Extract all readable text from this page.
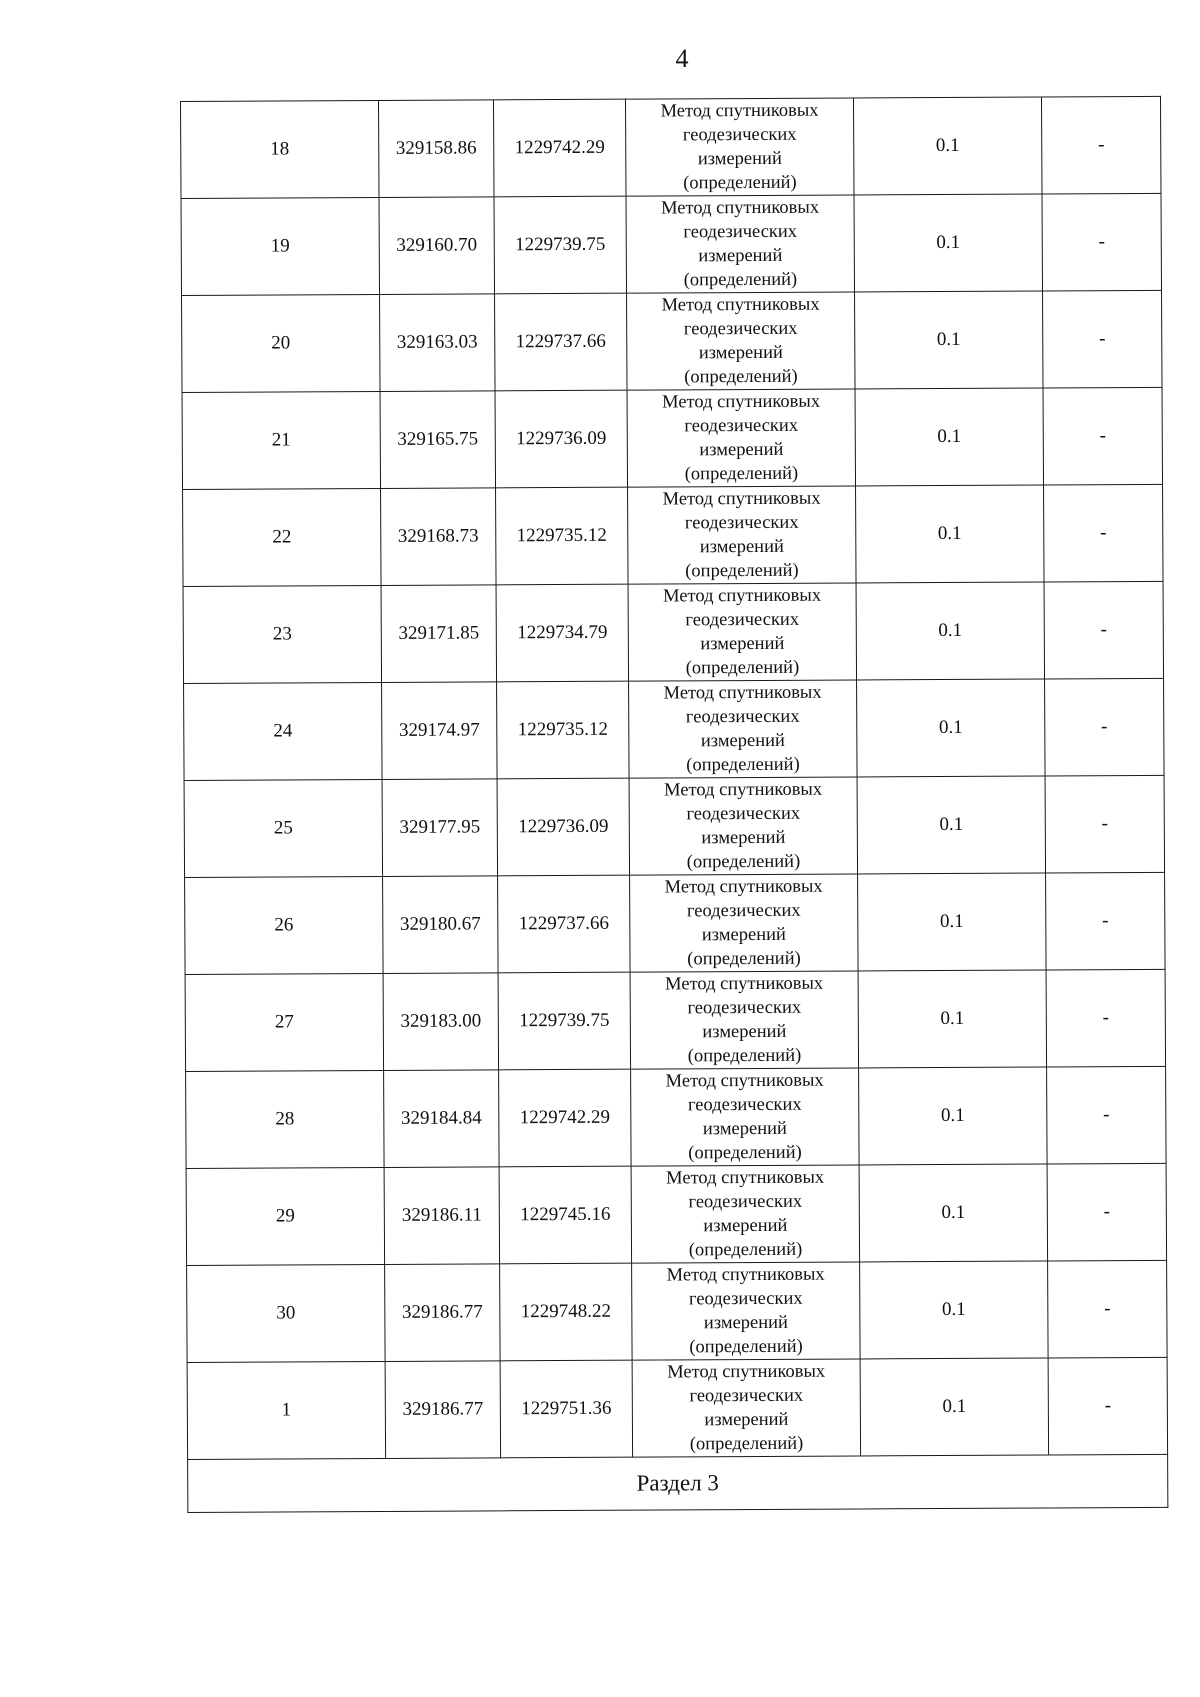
4
18	329158.86	1229742.29	Метод спутниковых
геодезических
измерений
(определений)	0.1	-
19	329160.70	1229739.75	Метод спутниковых
геодезических
измерений
(определений)	0.1	-
20	329163.03	1229737.66	Метод спутниковых
геодезических
измерений
(определений)	0.1	-
21	329165.75	1229736.09	Метод спутниковых
геодезических
измерений
(определений)	0.1	-
22	329168.73	1229735.12	Метод спутниковых
геодезических
измерений
(определений)	0.1	-
23	329171.85	1229734.79	Метод спутниковых
геодезических
измерений
(определений)	0.1	-
24	329174.97	1229735.12	Метод спутниковых
геодезических
измерений
(определений)	0.1	-
25	329177.95	1229736.09	Метод спутниковых
геодезических
измерений
(определений)	0.1	-
26	329180.67	1229737.66	Метод спутниковых
геодезических
измерений
(определений)	0.1	-
27	329183.00	1229739.75	Метод спутниковых
геодезических
измерений
(определений)	0.1	-
28	329184.84	1229742.29	Метод спутниковых
геодезических
измерений
(определений)	0.1	-
29	329186.11	1229745.16	Метод спутниковых
геодезических
измерений
(определений)	0.1	-
30	329186.77	1229748.22	Метод спутниковых
геодезических
измерений
(определений)	0.1	-
1	329186.77	1229751.36	Метод спутниковых
геодезических
измерений
(определений)	0.1	-
Раздел 3					
